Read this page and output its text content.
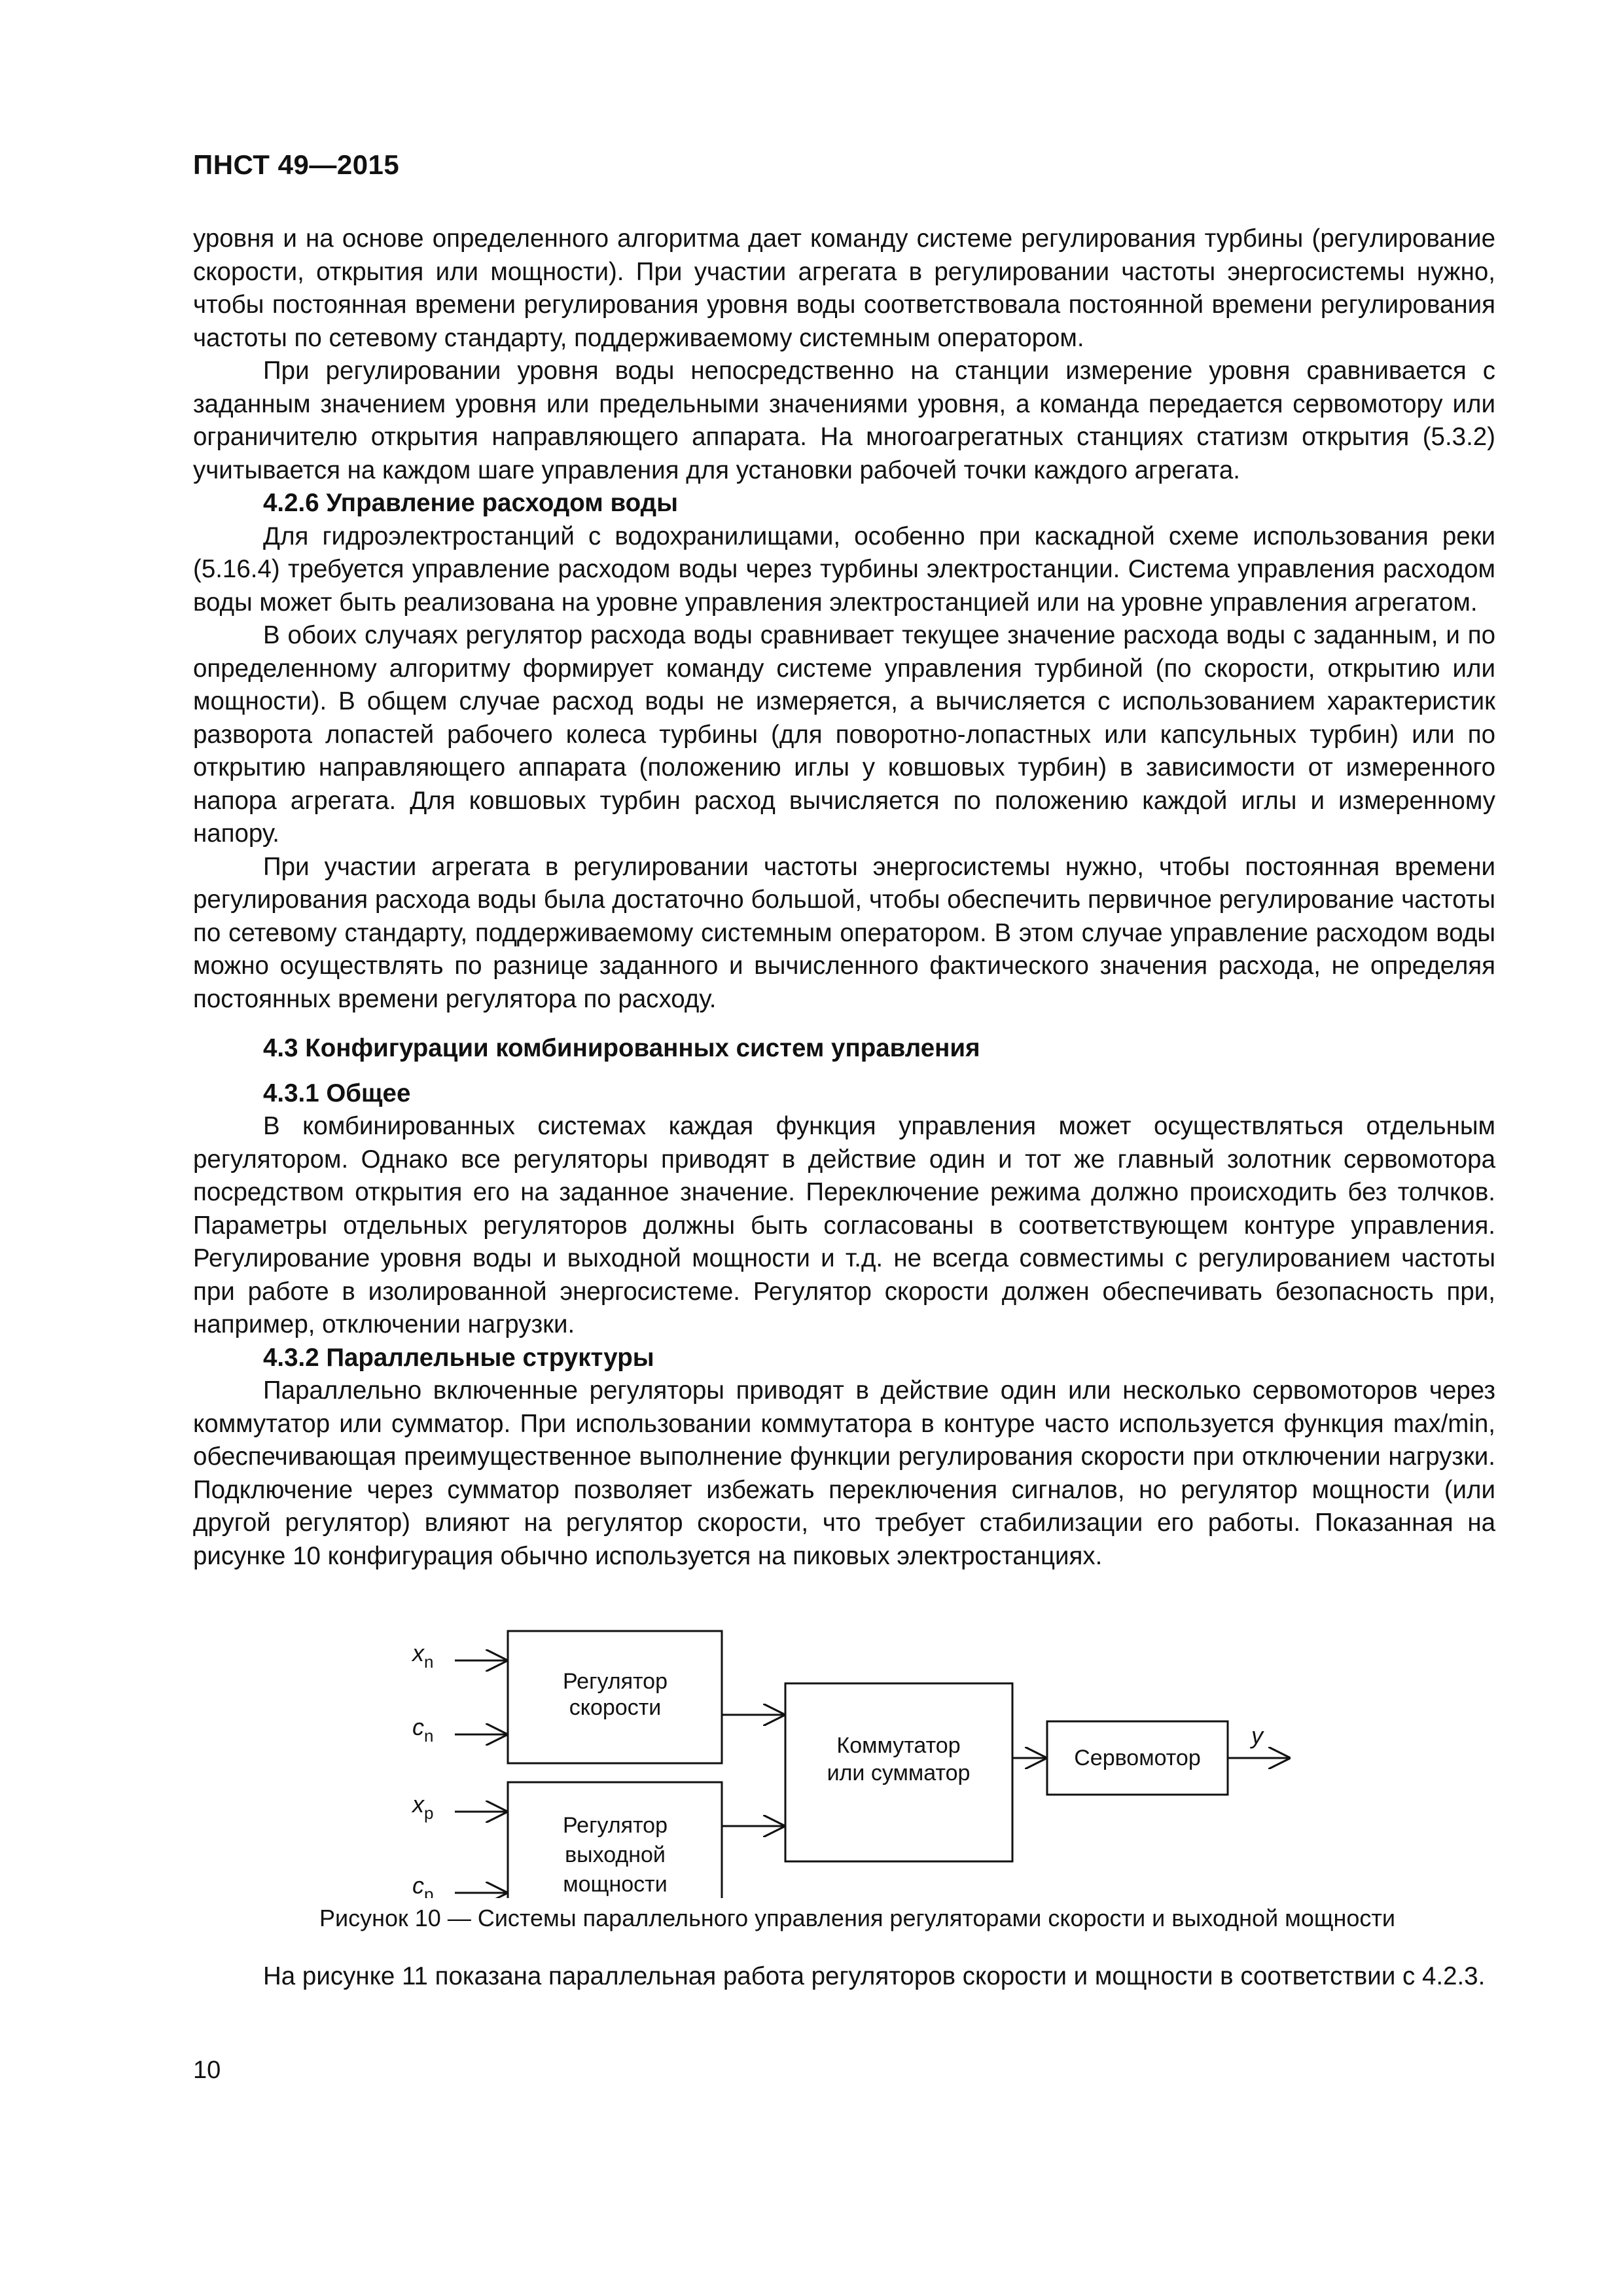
ПНСТ 49—2015

уровня и на основе определенного алгоритма дает команду системе регулирования турбины (регулирование скорости, открытия или мощности). При участии агрегата в регулировании частоты энергосистемы нужно, чтобы постоянная времени регулирования уровня воды соответствовала постоянной времени регулирования частоты по сетевому стандарту, поддерживаемому системным оператором.

При регулировании уровня воды непосредственно на станции измерение уровня сравнивается с заданным значением уровня или предельными значениями уровня, а команда передается сервомотору или ограничителю открытия направляющего аппарата. На многоагрегатных станциях статизм открытия (5.3.2) учитывается на каждом шаге управления для установки рабочей точки каждого агрегата.

4.2.6 Управление расходом воды

Для гидроэлектростанций с водохранилищами, особенно при каскадной схеме использования реки (5.16.4) требуется управление расходом воды через турбины электростанции. Система управления расходом воды может быть реализована на уровне управления электростанцией или на уровне управления агрегатом.

В обоих случаях регулятор расхода воды сравнивает текущее значение расхода воды с заданным, и по определенному алгоритму формирует команду системе управления турбиной (по скорости, открытию или мощности). В общем случае расход воды не измеряется, а вычисляется с использованием характеристик разворота лопастей рабочего колеса турбины (для поворотно-лопастных или капсульных турбин) или по открытию направляющего аппарата (положению иглы у ковшовых турбин) в зависимости от измеренного напора агрегата. Для ковшовых турбин расход вычисляется по положению каждой иглы и измеренному напору.

При участии агрегата в регулировании частоты энергосистемы нужно, чтобы постоянная времени регулирования расхода воды была достаточно большой, чтобы обеспечить первичное регулирование частоты по сетевому стандарту, поддерживаемому системным оператором. В этом случае управление расходом воды можно осуществлять по разнице заданного и вычисленного фактического значения расхода, не определяя постоянных времени регулятора по расходу.

4.3 Конфигурации комбинированных систем управления

4.3.1 Общее

В комбинированных системах каждая функция управления может осуществляться отдельным регулятором. Однако все регуляторы приводят в действие один и тот же главный золотник сервомотора посредством открытия его на заданное значение. Переключение режима должно происходить без толчков. Параметры отдельных регуляторов должны быть согласованы в соответствующем контуре управления. Регулирование уровня воды и выходной мощности и т.д. не всегда совместимы с регулированием частоты при работе в изолированной энергосистеме. Регулятор скорости должен обеспечивать безопасность при, например, отключении нагрузки.

4.3.2 Параллельные структуры

Параллельно включенные регуляторы приводят в действие один или несколько сервомоторов через коммутатор или сумматор. При использовании коммутатора в контуре часто используется функция max/min, обеспечивающая преимущественное выполнение функции регулирования скорости при отключении нагрузки. Подключение через сумматор позволяет избежать переключения сигналов, но регулятор мощности (или другой регулятор) влияют на регулятор скорости, что требует стабилизации его работы. Показанная на рисунке 10 конфигурация обычно используется на пиковых электростанциях.

Регулятор
скорости
Регулятор
выходной
мощности
Коммутатор
или сумматор
Сервомотор
$x_n$
$c_n$
$x_p$
$c_p$
y
Рисунок 10 — Системы параллельного управления регуляторами скорости и выходной мощности

На рисунке 11 показана параллельная работа регуляторов скорости и мощности в соответствии с 4.2.3.

10
